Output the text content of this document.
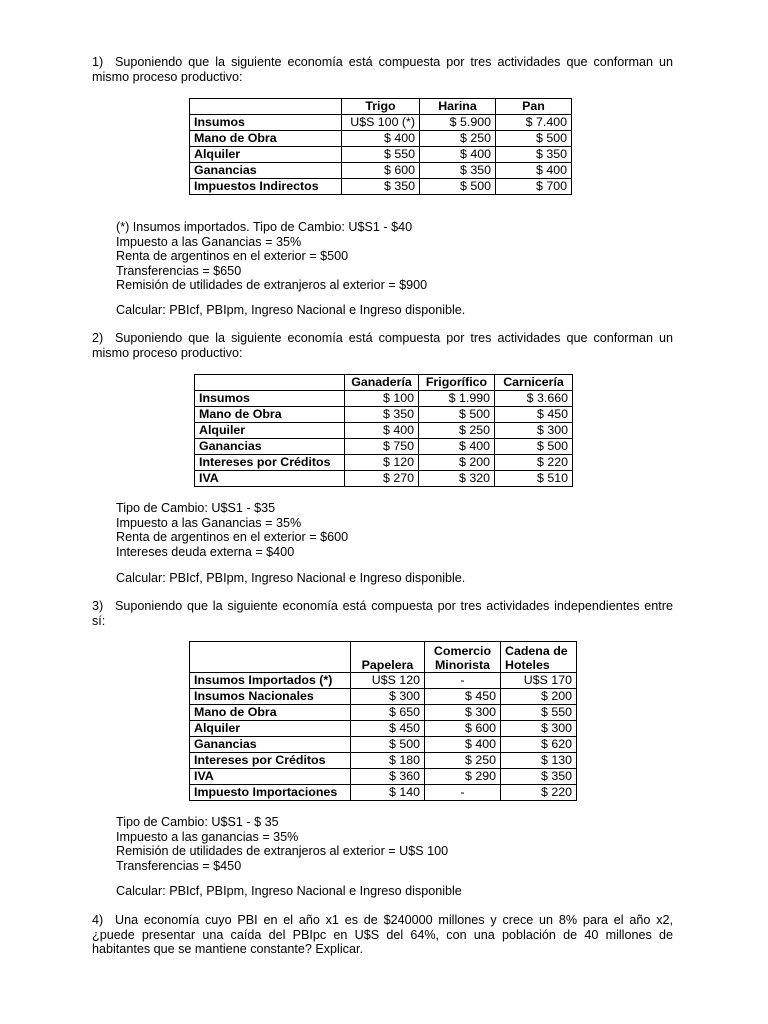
1) Suponiendo que la siguiente economía está compuesta por tres actividades que conforman un mismo proceso productivo:
	Trigo	Harina	Pan
Insumos	U$S 100 (*)	$ 5.900	$ 7.400
Mano de Obra	$ 400	$ 250	$ 500
Alquiler	$ 550	$ 400	$ 350
Ganancias	$ 600	$ 350	$ 400
Impuestos Indirectos	$ 350	$ 500	$ 700
(*) Insumos importados. Tipo de Cambio: U$S1 - $40
Impuesto a las Ganancias = 35%
Renta de argentinos en el exterior = $500
Transferencias = $650
Remisión de utilidades de extranjeros al exterior = $900
Calcular: PBIcf, PBIpm, Ingreso Nacional e Ingreso disponible.
2) Suponiendo que la siguiente economía está compuesta por tres actividades que conforman un mismo proceso productivo:
	Ganadería	Frigorífico	Carnicería
Insumos	$ 100	$ 1.990	$ 3.660
Mano de Obra	$ 350	$ 500	$ 450
Alquiler	$ 400	$ 250	$ 300
Ganancias	$ 750	$ 400	$ 500
Intereses por Créditos	$ 120	$ 200	$ 220
IVA	$ 270	$ 320	$ 510
Tipo de Cambio: U$S1 - $35
Impuesto a las Ganancias = 35%
Renta de argentinos en el exterior = $600
Intereses deuda externa = $400
Calcular: PBIcf, PBIpm, Ingreso Nacional e Ingreso disponible.
3) Suponiendo que la siguiente economía está compuesta por tres actividades independientes entre sí:
	Papelera	Comercio Minorista	Cadena de Hoteles
Insumos Importados (*)	U$S 120	-	U$S 170
Insumos Nacionales	$ 300	$ 450	$ 200
Mano de Obra	$ 650	$ 300	$ 550
Alquiler	$ 450	$ 600	$ 300
Ganancias	$ 500	$ 400	$ 620
Intereses por Créditos	$ 180	$ 250	$ 130
IVA	$ 360	$ 290	$ 350
Impuesto Importaciones	$ 140	-	$ 220
Tipo de Cambio: U$S1 - $ 35
Impuesto a las ganancias = 35%
Remisión de utilidades de extranjeros al exterior = U$S 100
Transferencias = $450
Calcular: PBIcf, PBIpm, Ingreso Nacional e Ingreso disponible
4) Una economía cuyo PBI en el año x1 es de $240000 millones y crece un 8% para el año x2, ¿puede presentar una caída del PBIpc en U$S del 64%, con una población de 40 millones de habitantes que se mantiene constante? Explicar.
